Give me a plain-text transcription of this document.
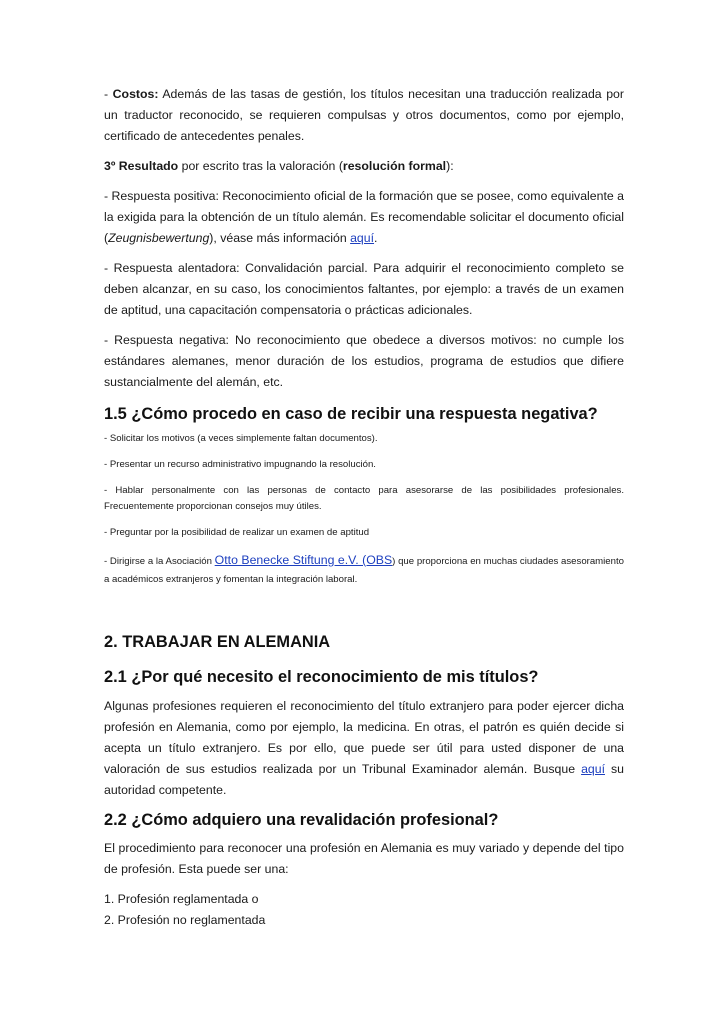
- Costos: Además de las tasas de gestión, los títulos necesitan una traducción realizada por un traductor reconocido, se requieren compulsas y otros documentos, como por ejemplo, certificado de antecedentes penales.

3º Resultado por escrito tras la valoración (resolución formal):

- Respuesta positiva: Reconocimiento oficial de la formación que se posee, como equivalente a la exigida para la obtención de un título alemán. Es recomendable solicitar el documento oficial (Zeugnisbewertung), véase más información aquí.

- Respuesta alentadora: Convalidación parcial. Para adquirir el reconocimiento completo se deben alcanzar, en su caso, los conocimientos faltantes, por ejemplo: a través de un examen de aptitud, una capacitación compensatoria o prácticas adicionales.

- Respuesta negativa: No reconocimiento que obedece a diversos motivos: no cumple los estándares alemanes, menor duración de los estudios, programa de estudios que difiere sustancialmente del alemán, etc.

1.5 ¿Cómo procedo en caso de recibir una respuesta negativa?

- Solicitar los motivos (a veces simplemente faltan documentos).

- Presentar un recurso administrativo impugnando la resolución.

- Hablar personalmente con las personas de contacto para asesorarse de las posibilidades profesionales. Frecuentemente proporcionan consejos muy útiles.

- Preguntar por la posibilidad de realizar un examen de aptitud

- Dirigirse a la Asociación Otto Benecke Stiftung e.V. (OBS) que proporciona en muchas ciudades asesoramiento a académicos extranjeros y fomentan la integración laboral.

2. TRABAJAR EN ALEMANIA
2.1 ¿Por qué necesito el reconocimiento de mis títulos?

Algunas profesiones requieren el reconocimiento del título extranjero para poder ejercer dicha profesión en Alemania, como por ejemplo, la medicina. En otras, el patrón es quién decide si acepta un título extranjero. Es por ello, que puede ser útil para usted disponer de una valoración de sus estudios realizada por un Tribunal Examinador alemán. Busque aquí su autoridad competente.

2.2 ¿Cómo adquiero una revalidación profesional?

El procedimiento para reconocer una profesión en Alemania es muy variado y depende del tipo de profesión. Esta puede ser una:

1. Profesión reglamentada o

2. Profesión no reglamentada
